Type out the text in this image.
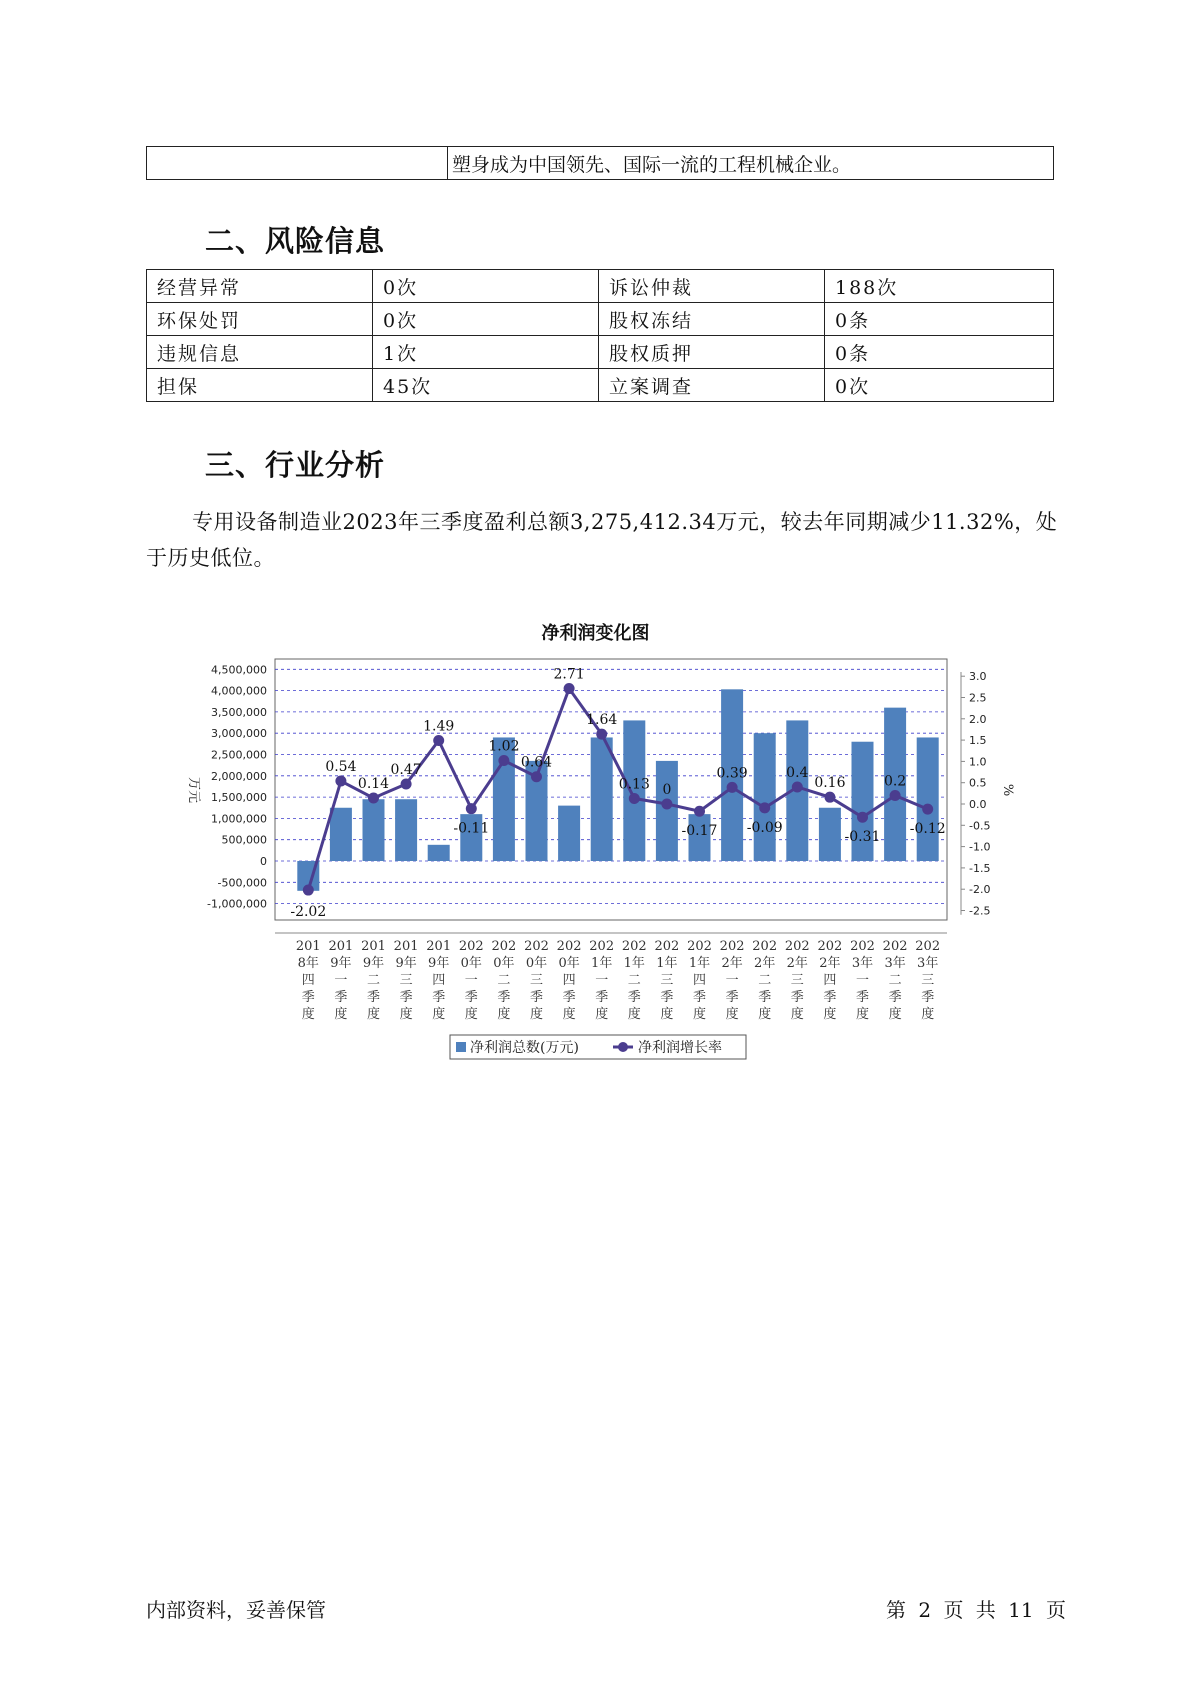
	塑身成为中国领先、国际一流的工程机械企业。
二、风险信息
经营异常	0次	诉讼仲裁	188次
环保处罚	0次	股权冻结	0条
违规信息	1次	股权质押	0条
担保	45次	立案调查	0次
三、行业分析
专用设备制造业2023年三季度盈利总额3,275,412.34万元，较去年同期减少11.32%，处于历史低位。
净利润变化图
-1,000,000
-500,000
0
500,000
1,000,000
1,500,000
2,000,000
2,500,000
3,000,000
3,500,000
4,000,000
4,500,000
-2.5
-2.0
-1.5
-1.0
-0.5
0.0
0.5
1.0
1.5
2.0
2.5
3.0
万元	%
-2.02
0.54
0.14
0.47
1.49
-0.11
1.02
0.64
2.71
1.64
0.13 0
-0.17
0.39
-0.09
0.4
0.16
-0.31
0.2
-0.12
201
8年
四
季
度
201
9年
一
季
度
201
9年
二
季
度
201
9年
三
季
度
201
9年
四
季
度
202
0年
一
季
度
202
0年
二
季
度
202
0年
三
季
度
202
0年
四
季
度
202
1年
一
季
度
202
1年
二
季
度
202
1年
三
季
度
202
1年
四
季
度
202
2年
一
季
度
202
2年
二
季
度
202
2年
三
季
度
202
2年
四
季
度
202
3年
一
季
度
202
3年
二
季
度
202
3年
三
季
度
净利润总数(万元)	净利润增长率
内部资料，妥善保管	第 2 页 共 11 页
